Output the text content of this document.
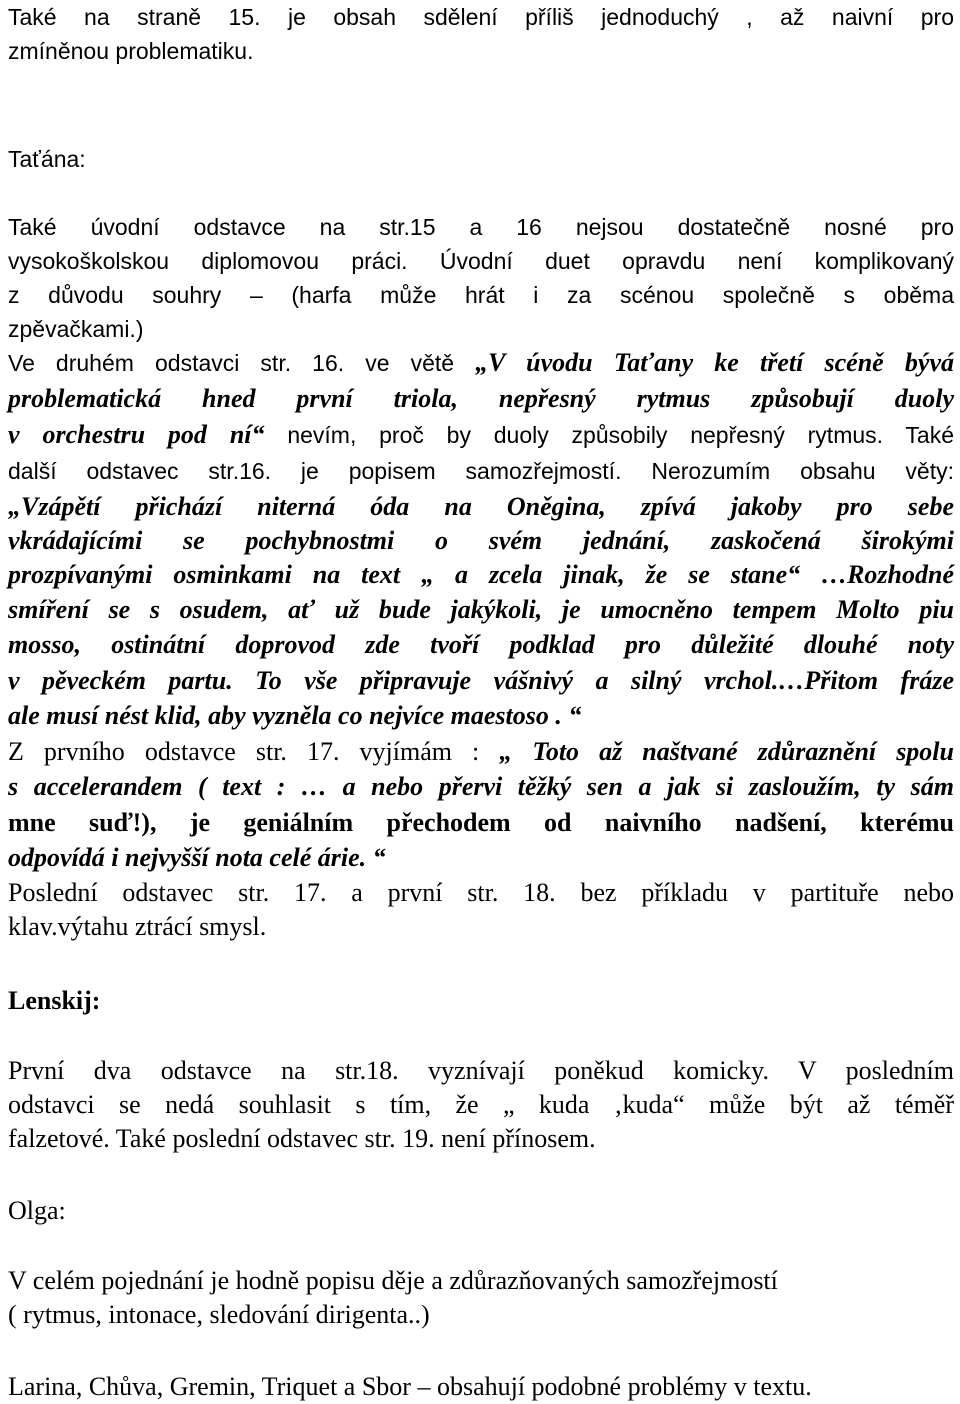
Také na straně 15. je obsah sdělení příliš jednoduchý , až naivní pro
zmíněnou problematiku.
Taťána:
Také úvodní odstavce na str.15 a 16 nejsou dostatečně nosné pro
vysokoškolskou diplomovou práci. Úvodní duet opravdu není komplikovaný
z důvodu souhry – (harfa může hrát i za scénou společně s oběma
zpěvačkami.)
Ve druhém odstavci str. 16. ve větě „V úvodu Taťany ke třetí scéně bývá
problematická hned první triola, nepřesný rytmus způsobují duoly
v orchestru pod ní“ nevím, proč by duoly způsobily nepřesný rytmus. Také
další odstavec str.16. je popisem samozřejmostí. Nerozumím obsahu věty:
„Vzápětí přichází niterná óda na Oněgina, zpívá jakoby pro sebe
vkrádajícími se pochybnostmi o svém jednání, zaskočená širokými
prozpívanými osminkami na text „ a zcela jinak, že se stane“ …Rozhodné
smíření se s osudem, ať už bude jakýkoli, je umocněno tempem Molto piu
mosso, ostinátní doprovod zde tvoří podklad pro důležité dlouhé noty
v pěveckém partu. To vše připravuje vášnivý a silný vrchol.…Přitom fráze
ale musí nést klid, aby vyzněla co nejvíce maestoso . “
Z prvního odstavce str. 17. vyjímám : „ Toto až naštvané zdůraznění spolu
s accelerandem ( text : … a nebo přervi těžký sen a jak si zasloužím, ty sám
mne suď!), je geniálním přechodem od naivního nadšení, kterému
odpovídá i nejvyšší nota celé árie. “
Poslední odstavec str. 17. a první str. 18. bez příkladu v partituře nebo
klav.výtahu ztrácí smysl.
Lenskij:
První dva odstavce na str.18. vyznívají poněkud komicky. V posledním
odstavci se nedá souhlasit s tím, že „ kuda ‚kuda“ může být až téměř
falzetové. Také poslední odstavec str. 19. není přínosem.
Olga:
V celém pojednání je hodně popisu děje a zdůrazňovaných samozřejmostí
( rytmus, intonace, sledování dirigenta..)
Larina, Chůva, Gremin, Triquet a Sbor – obsahují podobné problémy v textu.
